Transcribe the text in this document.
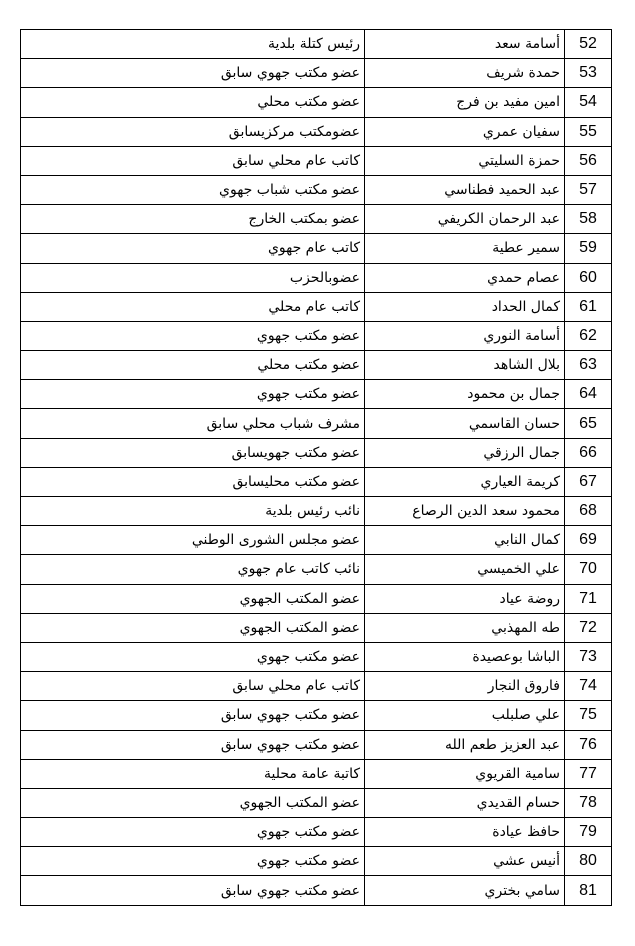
52	أسامة سعد	رئيس كتلة بلدية
53	حمدة شريف	عضو مكتب جهوي سابق
54	امين مفيد بن فرج	عضو مكتب محلي
55	سفيان عمري	عضومكتب مركزيسابق
56	حمزة السليتي	كاتب عام محلي سابق
57	عبد الحميد فطناسي	عضو مكتب شباب جهوي
58	عبد الرحمان الكريفي	عضو بمكتب الخارج
59	سمير عطية	كاتب عام جهوي
60	عصام حمدي	عضوبالحزب
61	كمال الحداد	كاتب عام محلي
62	أسامة النوري	عضو مكتب جهوي
63	بلال الشاهد	عضو مكتب محلي
64	جمال بن محمود	عضو مكتب جهوي
65	حسان القاسمي	مشرف شباب محلي سابق
66	جمال الرزقي	عضو مكتب جهويسابق
67	كريمة العياري	عضو مكتب محليسابق
68	محمود سعد الدين الرصاع	نائب رئيس بلدية
69	كمال النابي	عضو مجلس الشورى الوطني
70	علي الخميسي	نائب كاتب عام جهوي
71	روضة عياد	عضو المكتب الجهوي
72	طه المهذبي	عضو المكتب الجهوي
73	الباشا بوعصيدة	عضو مكتب جهوي
74	فاروق النجار	كاتب عام محلي سابق
75	علي صلبلب	عضو مكتب جهوي سابق
76	عبد العزيز طعم الله	عضو مكتب جهوي سابق
77	سامية القريوي	كاتبة عامة محلية
78	حسام القديدي	عضو المكتب الجهوي
79	حافظ عيادة	عضو مكتب جهوي
80	أنيس عشي	عضو مكتب جهوي
81	سامي بختري	عضو مكتب جهوي سابق
